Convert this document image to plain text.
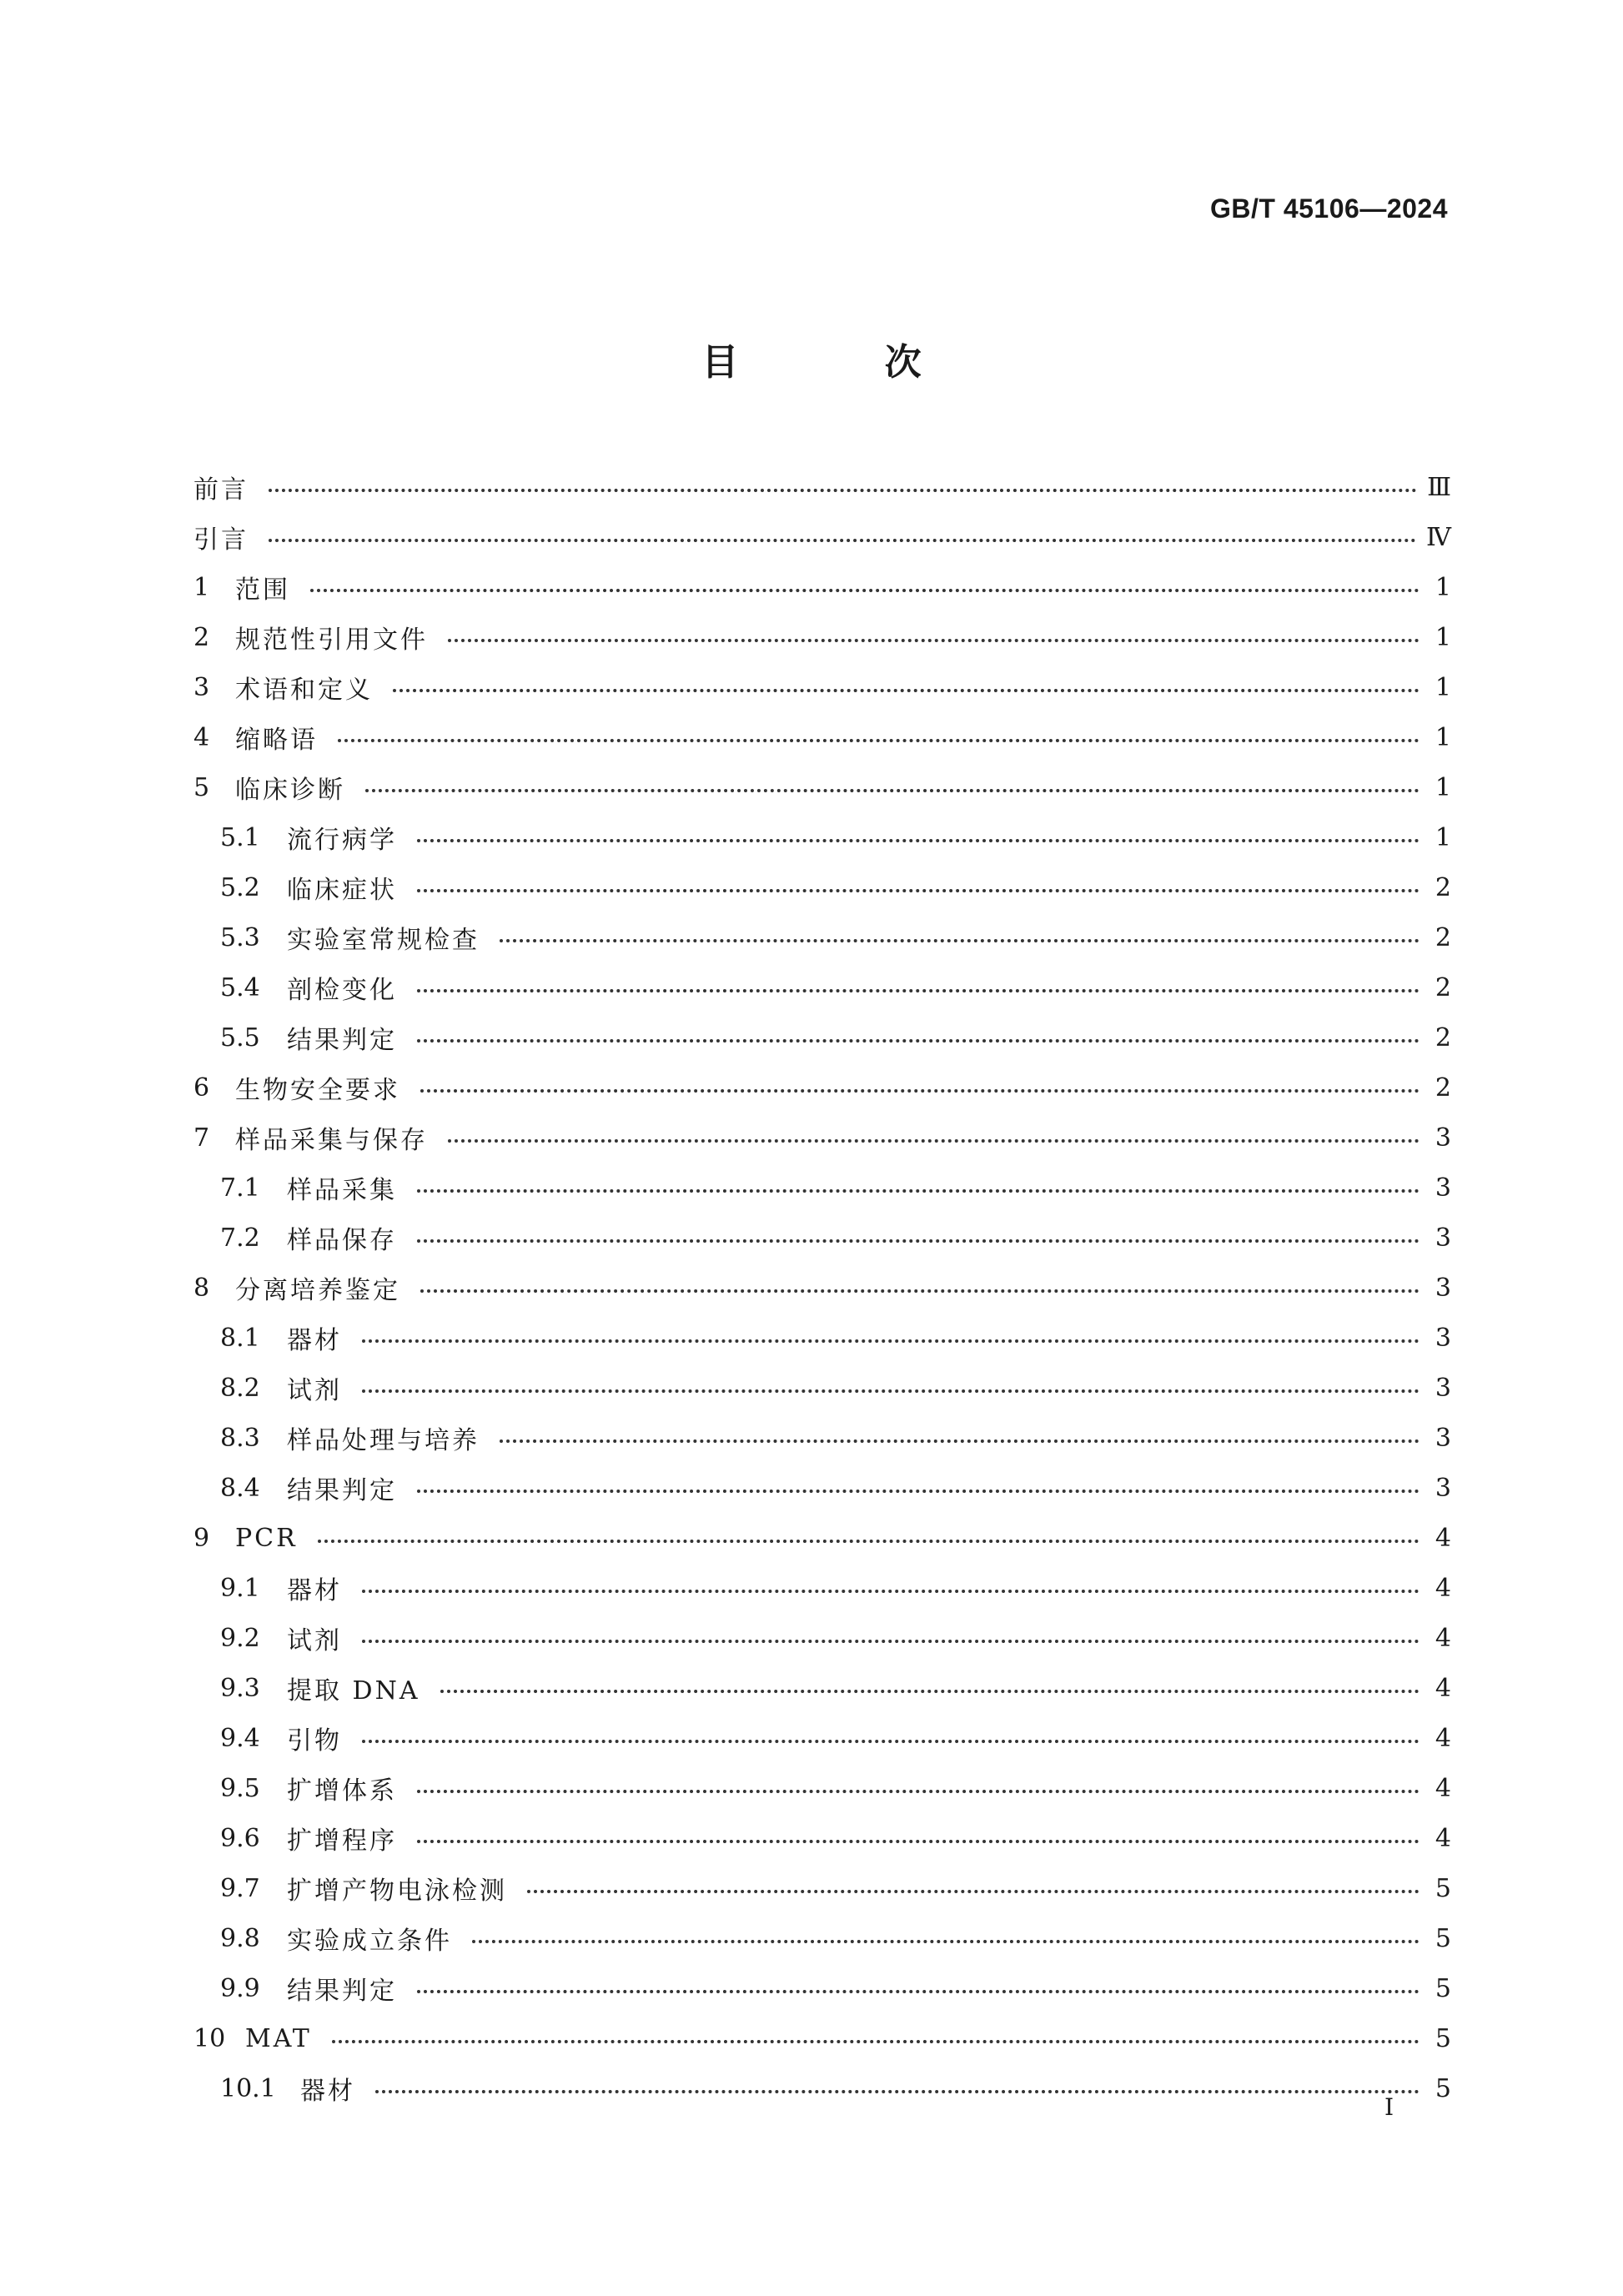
GB/T 45106—2024
目 次
前言	Ⅲ
引言	Ⅳ
1	范围	1
2	规范性引用文件	1
3	术语和定义	1
4	缩略语	1
5	临床诊断	1
5.1	流行病学	1
5.2	临床症状	2
5.3	实验室常规检查	2
5.4	剖检变化	2
5.5	结果判定	2
6	生物安全要求	2
7	样品采集与保存	3
7.1	样品采集	3
7.2	样品保存	3
8	分离培养鉴定	3
8.1	器材	3
8.2	试剂	3
8.3	样品处理与培养	3
8.4	结果判定	3
9	PCR	4
9.1	器材	4
9.2	试剂	4
9.3	提取 DNA	4
9.4	引物	4
9.5	扩增体系	4
9.6	扩增程序	4
9.7	扩增产物电泳检测	5
9.8	实验成立条件	5
9.9	结果判定	5
10 MAT	5
10.1 器材	5
I
